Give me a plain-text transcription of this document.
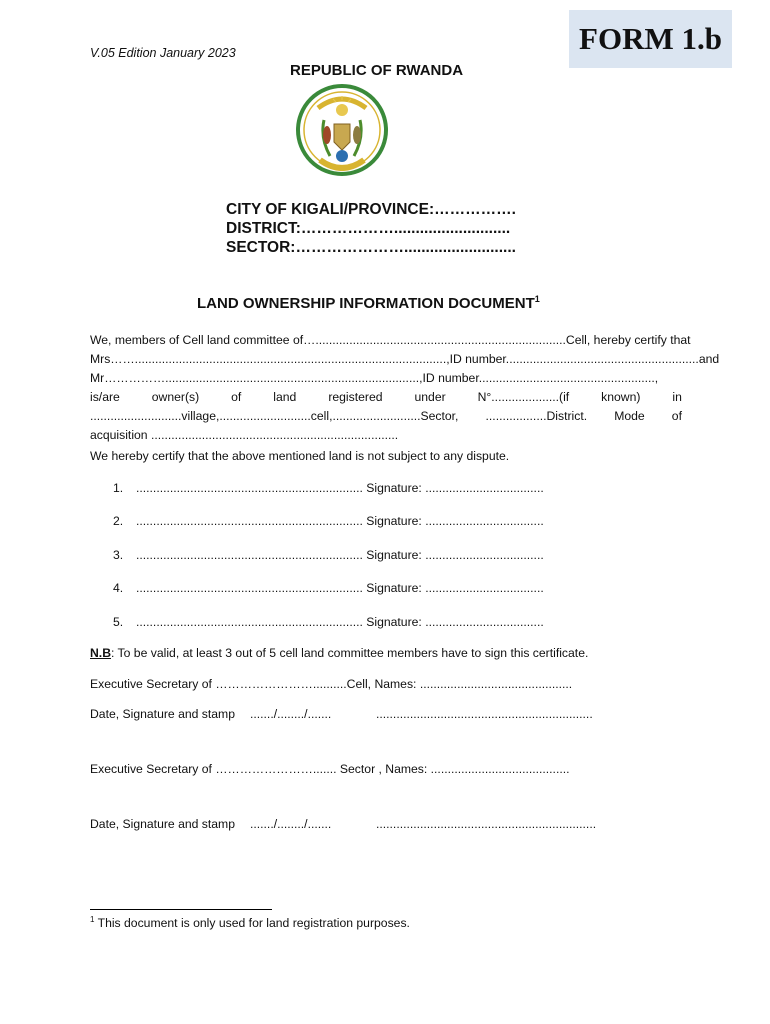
FORM 1.b
V.05 Edition January 2023
REPUBLIC OF RWANDA
CITY OF KIGALI/PROVINCE:…………….
DISTRICT:………………...........................
SECTOR:…………………..........................
LAND OWNERSHIP INFORMATION DOCUMENT$^1$
We, members of Cell land committee of …..........................................................................Cell, hereby certify that
Mrs……............................................................................................,ID number.........................................................and
Mr……………...........................................................................,ID number....................................................,
is/are	owner(s)	of	land	registered	under	N°....................(if	known)	in
...........................village,...........................cell,..........................Sector, ..................District. Mode of
acquisition .........................................................................
We hereby certify that the above mentioned land is not subject to any dispute.
1. ................................................................... Signature: ...................................
2. ................................................................... Signature: ...................................
3. ................................................................... Signature: ...................................
4. ................................................................... Signature: ...................................
5. ................................................................... Signature: ...................................
N.B: To be valid, at least 3 out of 5 cell land committee members have to sign this certificate.
Executive Secretary of ……………………..........Cell, Names: .............................................
Date, Signature and stamp ......./......../.......	................................................................
Executive Secretary of ……………………....... Sector , Names: .........................................
Date, Signature and stamp ......./......../.......	.................................................................
$^1$ This document is only used for land registration purposes.
